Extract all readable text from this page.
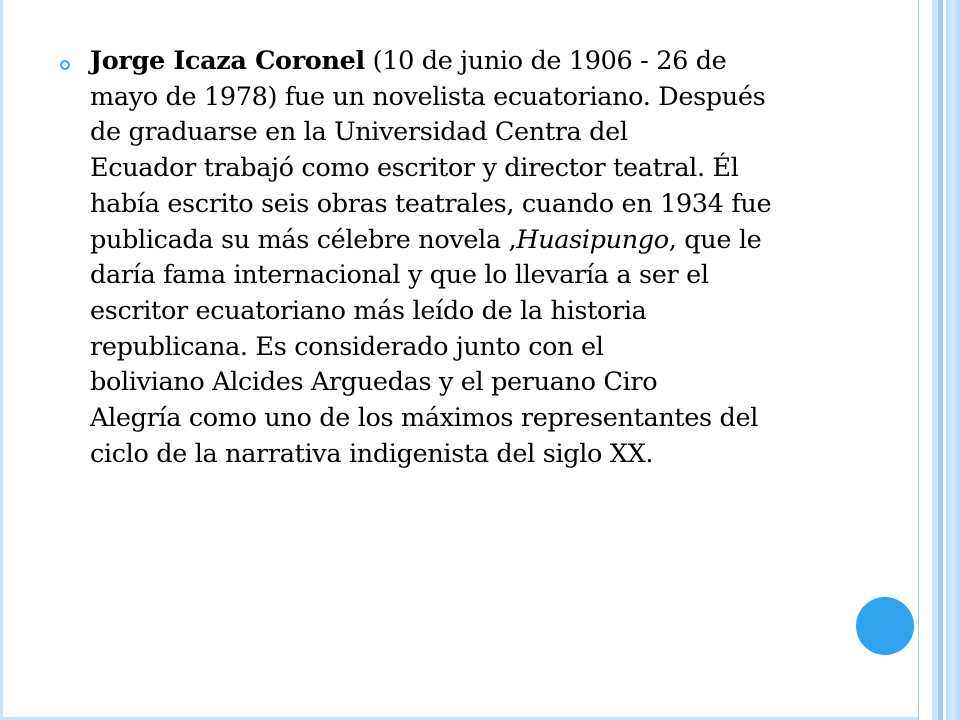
Jorge Icaza Coronel (10 de junio de 1906 - 26 de
mayo de 1978) fue un novelista ecuatoriano. Después
de graduarse en la Universidad Centra del
Ecuador trabajó como escritor y director teatral. Él
había escrito seis obras teatrales, cuando en 1934 fue
publicada su más célebre novela ,Huasipungo, que le
daría fama internacional y que lo llevaría a ser el
escritor ecuatoriano más leído de la historia
republicana. Es considerado junto con el
boliviano Alcides Arguedas y el peruano Ciro
Alegría como uno de los máximos representantes del
ciclo de la narrativa indigenista del siglo XX.
